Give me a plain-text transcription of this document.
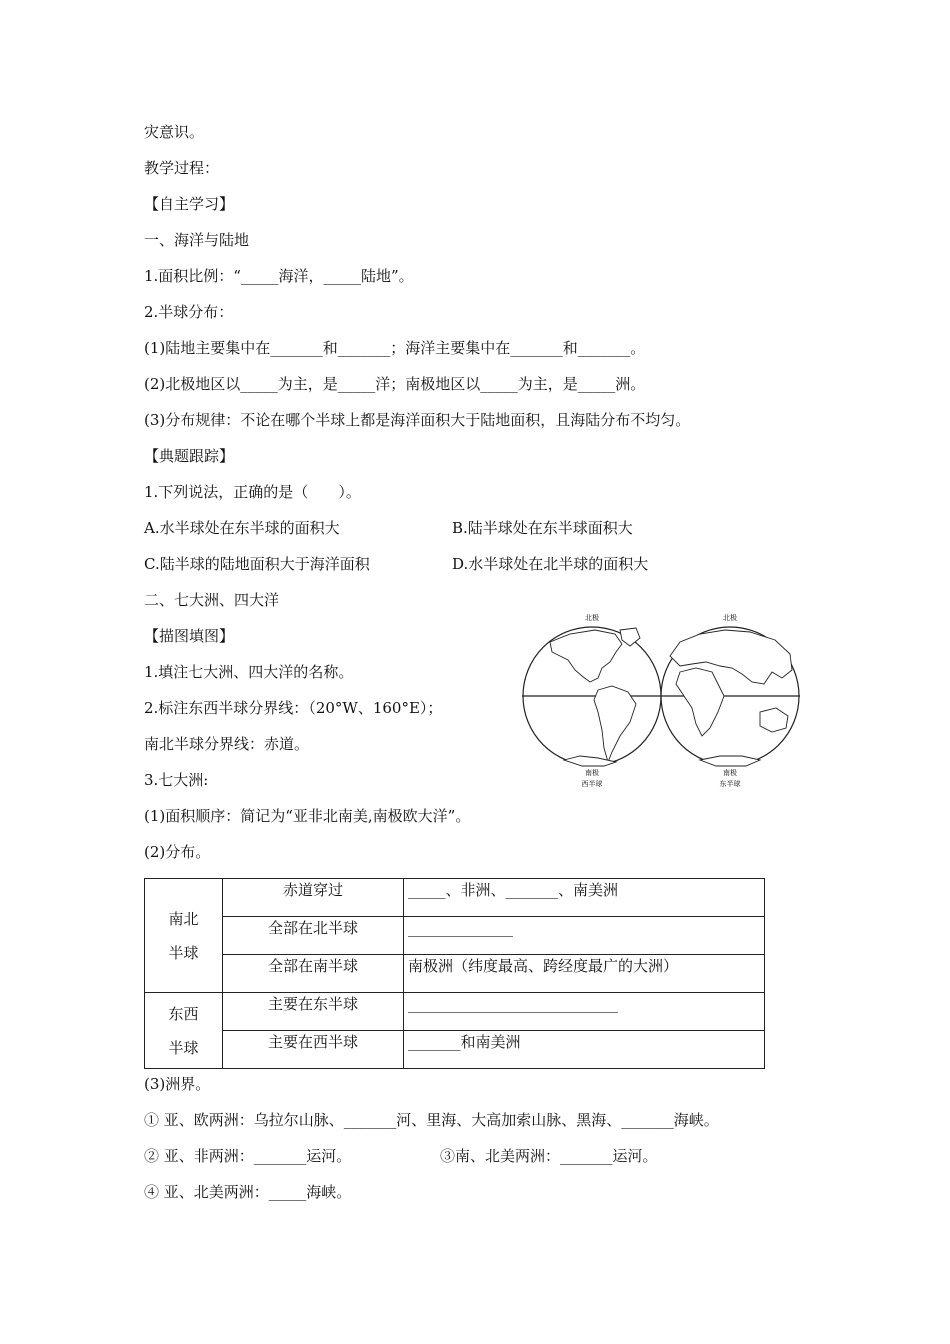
灾意识。
教学过程：
【自主学习】
一、海洋与陆地
1.面积比例：“_____海洋，_____陆地”。
2.半球分布：
(1)陆地主要集中在_______和_______；海洋主要集中在_______和_______。
(2)北极地区以_____为主，是_____洋；南极地区以_____为主，是_____洲。
(3)分布规律：不论在哪个半球上都是海洋面积大于陆地面积，且海陆分布不均匀。
【典题跟踪】
1.下列说法，正确的是（　　）。
A.水半球处在东半球的面积大	B.陆半球处在东半球面积大
C.陆半球的陆地面积大于海洋面积	D.水半球处在北半球的面积大
二、七大洲、四大洋
【描图填图】
1.填注七大洲、四大洋的名称。
2.标注东西半球分界线：（20°W、160°E）；
南北半球分界线：赤道。
3.七大洲:
(1)面积顺序：简记为“亚非北南美,南极欧大洋”。
(2)分布。
北极	北极
南极
西半球
南极
东半球
南北
半球	赤道穿过	_____、非洲、_______、南美洲
	全部在北半球	______________
	全部在南半球	南极洲（纬度最高、跨经度最广的大洲）

东西
半球	主要在东半球	____________________________
	主要在西半球	_______和南美洲
(3)洲界。
① 亚、欧两洲：乌拉尔山脉、_______河、里海、大高加索山脉、黑海、_______海峡。
② 亚、非两洲：_______运河。	③南、北美两洲：_______运河。
④ 亚、北美两洲：_____海峡。
